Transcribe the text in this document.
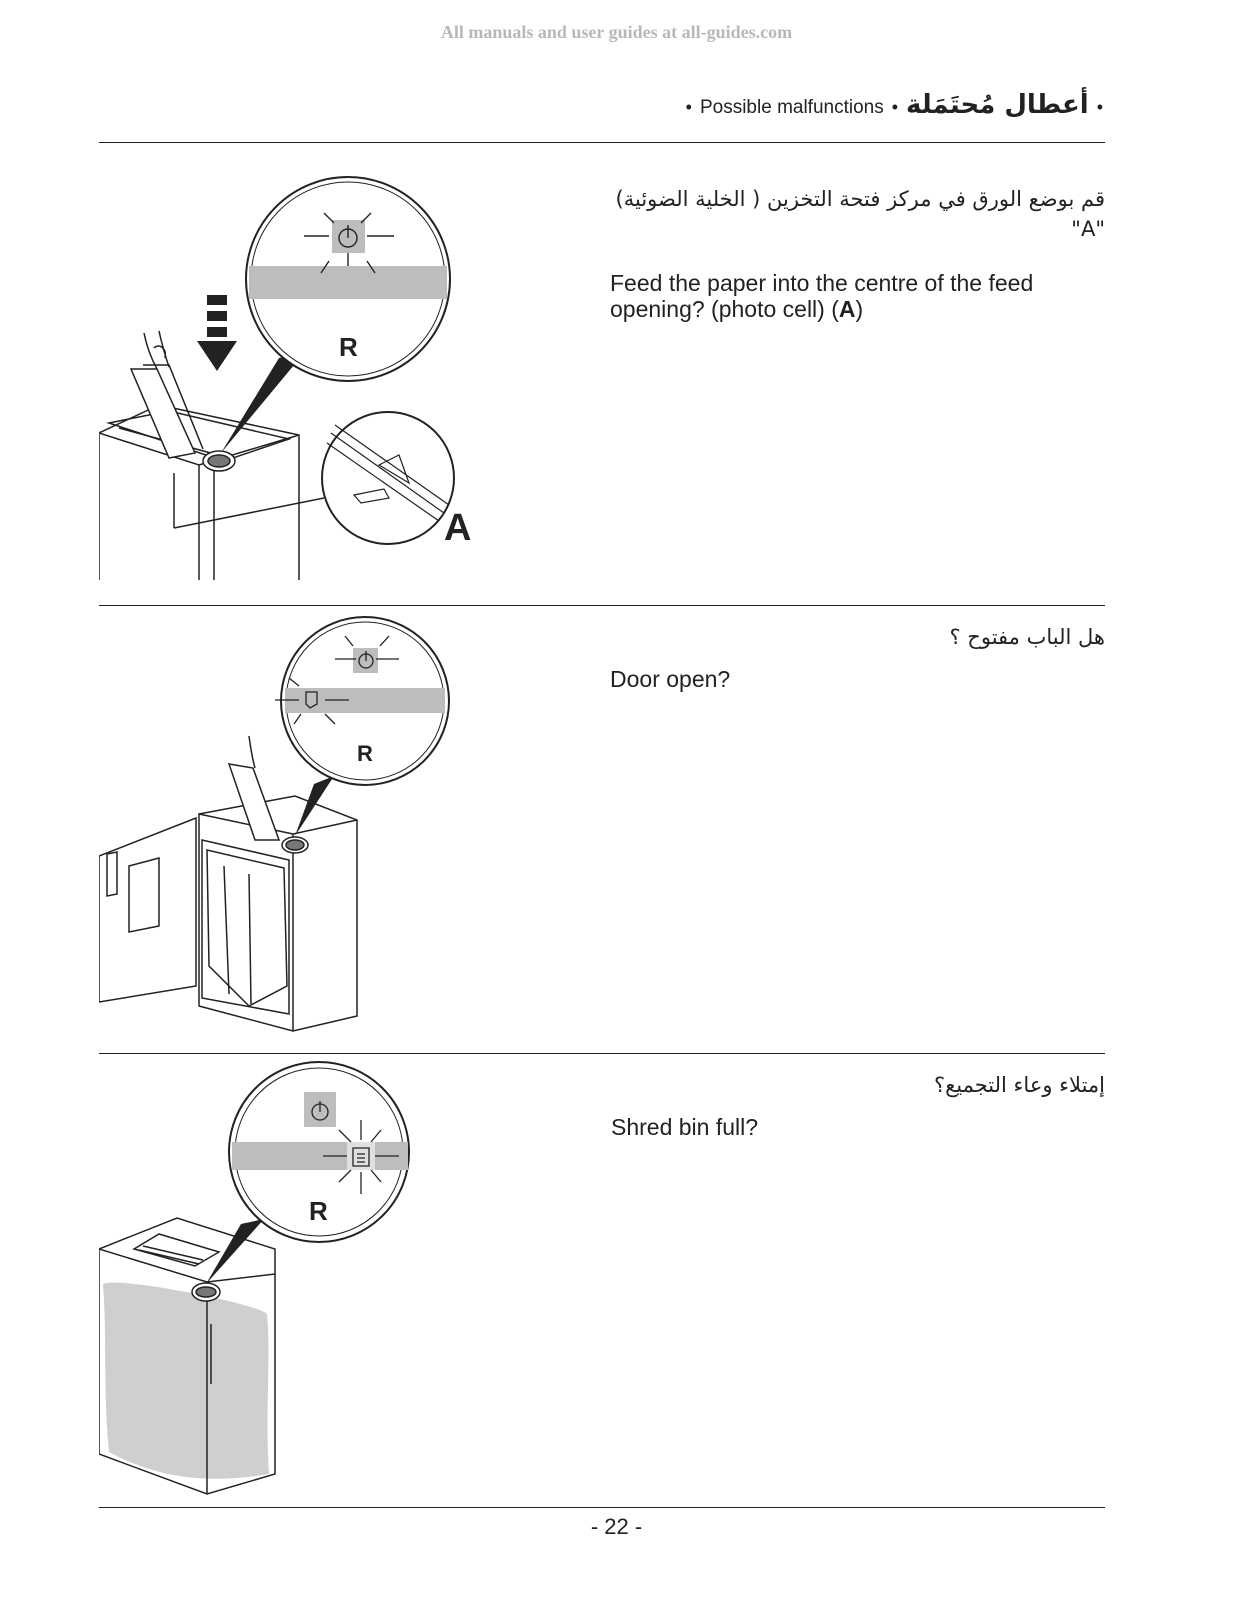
All manuals and user guides at all-guides.com
• Possible malfunctions • أعطال مُحتَمَلة •
R
A
قم بوضع الورق في مركز فتحة التخزين ( الخلية الضوئية) "A"
Feed the paper into the centre of the feed
opening? (photo cell) (A)
R
هل الباب مفتوح ؟
Door open?
R
إمتلاء وعاء التجميع؟
Shred bin full?
- 22 -
